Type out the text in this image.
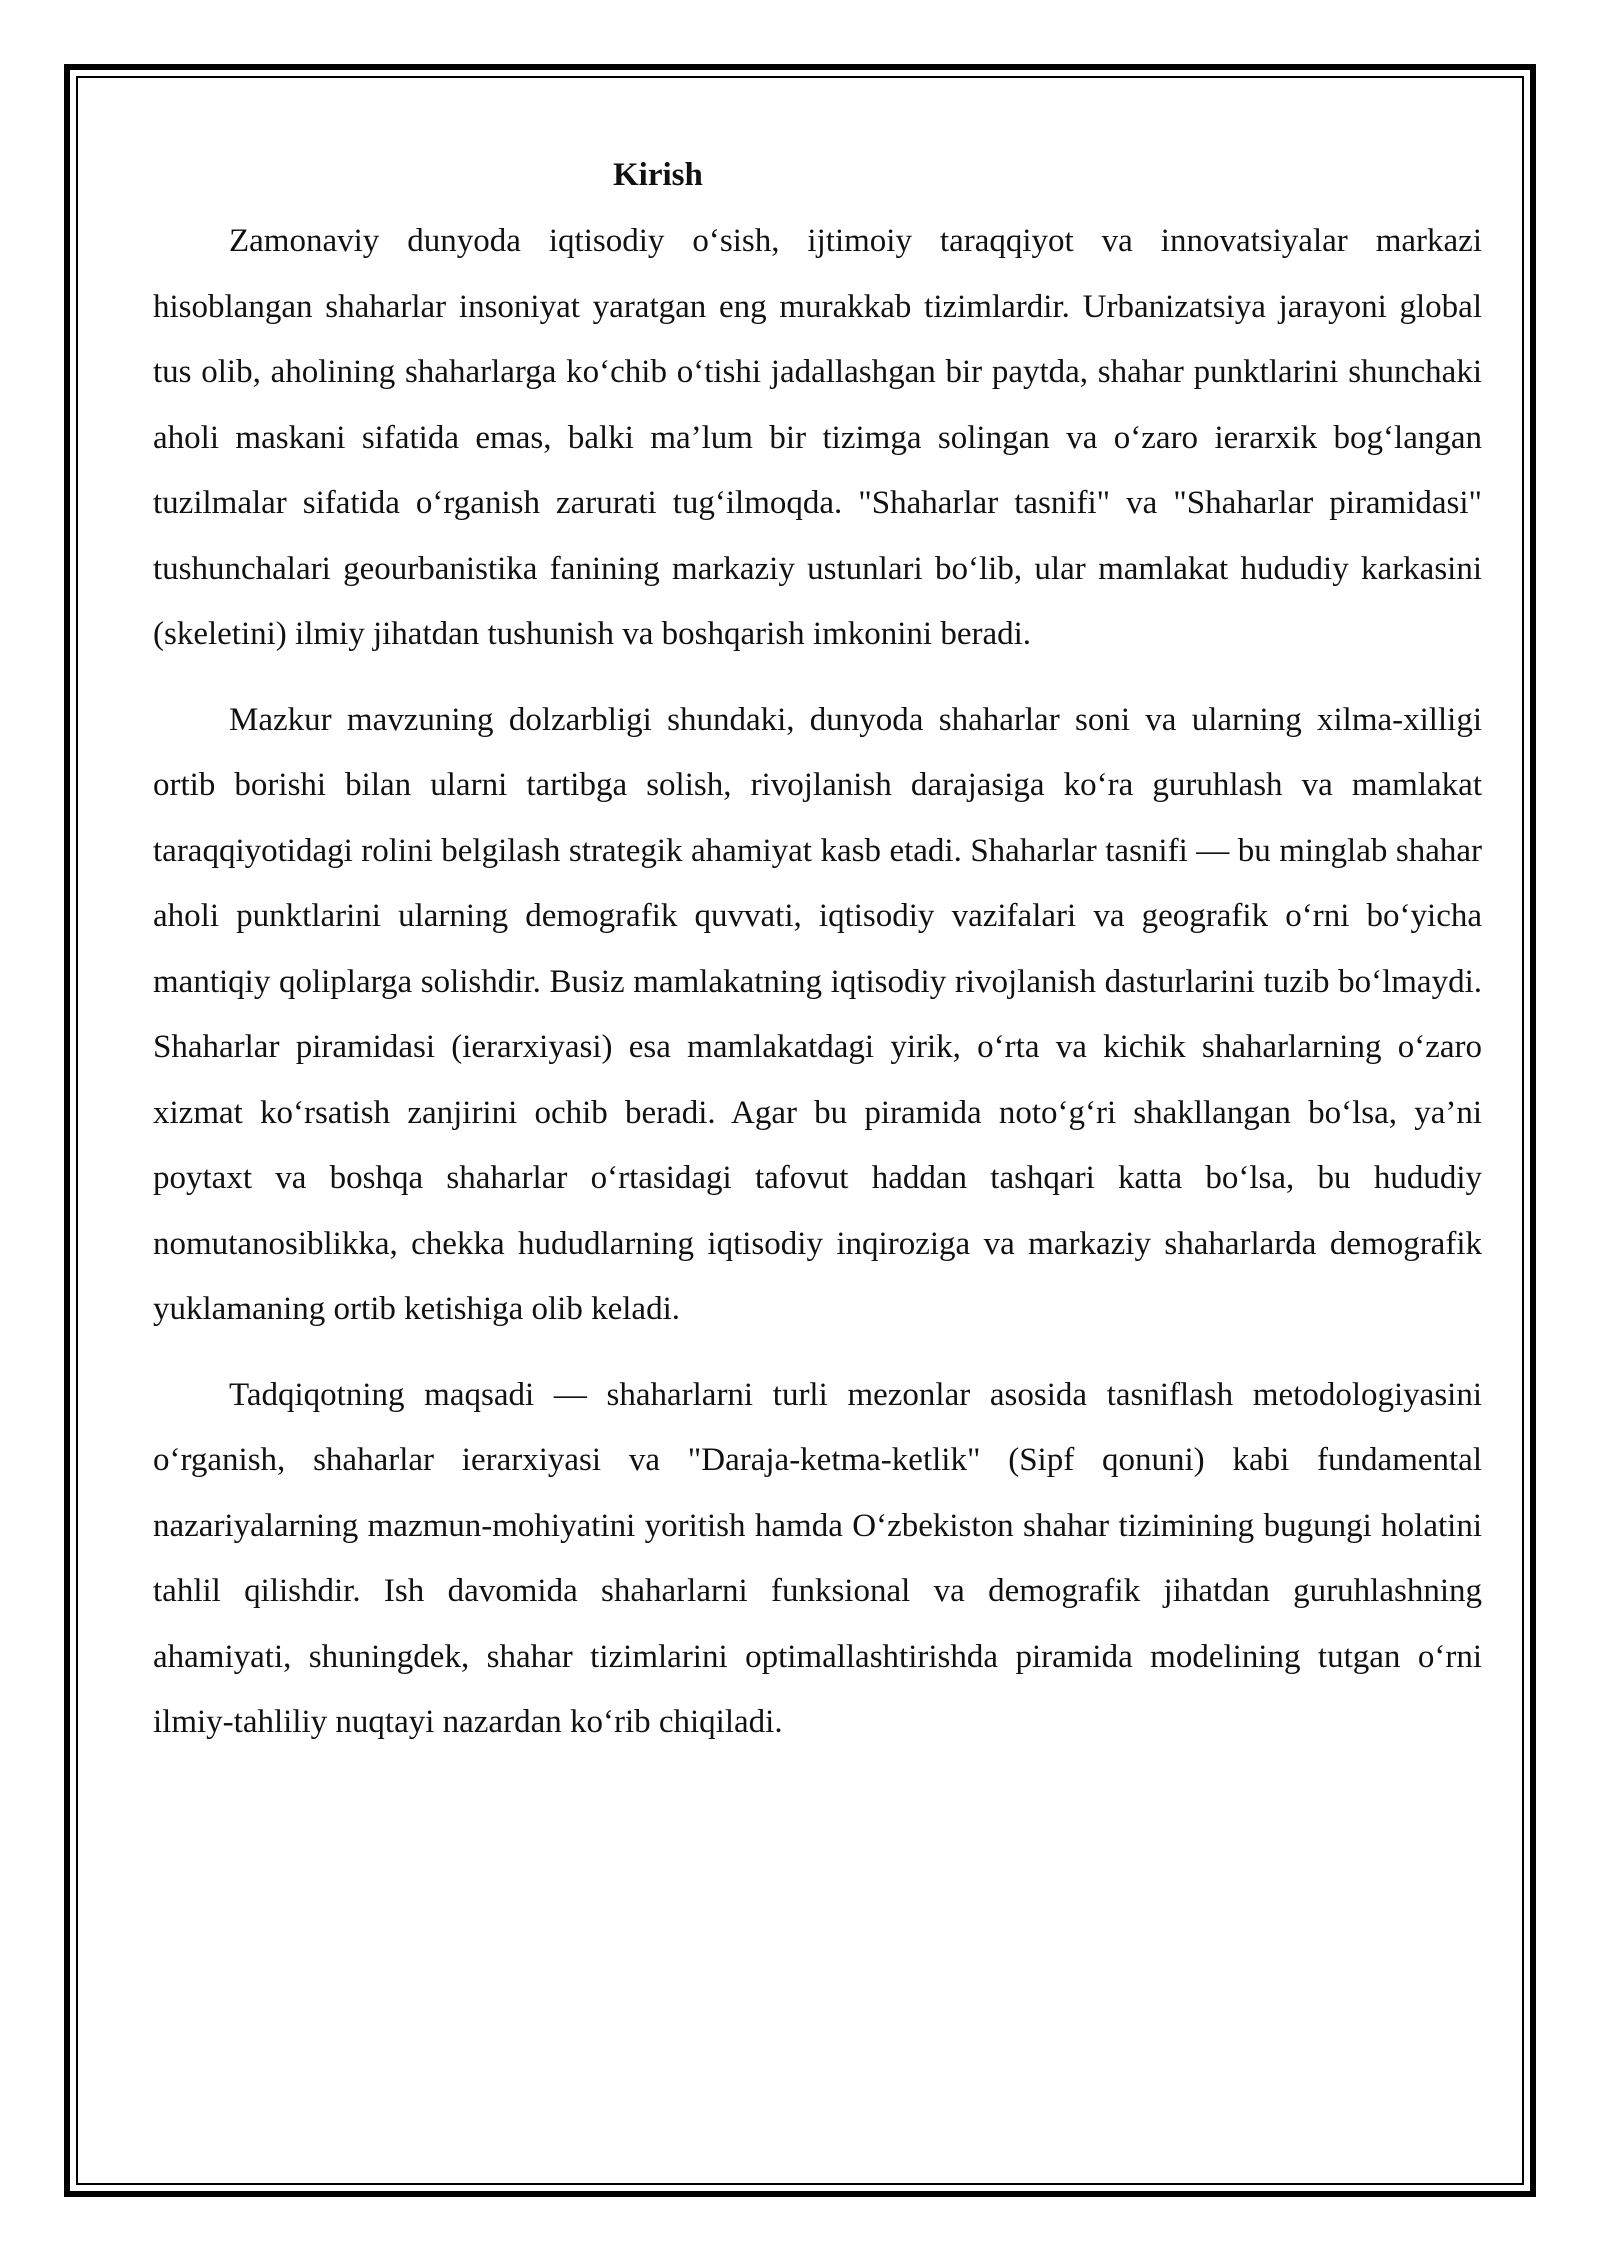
Kirish

Zamonaviy dunyoda iqtisodiy o‘sish, ijtimoiy taraqqiyot va innovatsiyalar markazi hisoblangan shaharlar insoniyat yaratgan eng murakkab tizimlardir. Urbanizatsiya jarayoni global tus olib, aholining shaharlarga ko‘chib o‘tishi jadallashgan bir paytda, shahar punktlarini shunchaki aholi maskani sifatida emas, balki ma’lum bir tizimga solingan va o‘zaro ierarxik bog‘langan tuzilmalar sifatida o‘rganish zarurati tug‘ilmoqda. "Shaharlar tasnifi" va "Shaharlar piramidasi" tushunchalari geourbanistika fanining markaziy ustunlari bo‘lib, ular mamlakat hududiy karkasini (skeletini) ilmiy jihatdan tushunish va boshqarish imkonini beradi.

Mazkur mavzuning dolzarbligi shundaki, dunyoda shaharlar soni va ularning xilma-xilligi ortib borishi bilan ularni tartibga solish, rivojlanish darajasiga ko‘ra guruhlash va mamlakat taraqqiyotidagi rolini belgilash strategik ahamiyat kasb etadi. Shaharlar tasnifi — bu minglab shahar aholi punktlarini ularning demografik quvvati, iqtisodiy vazifalari va geografik o‘rni bo‘yicha mantiqiy qoliplarga solishdir. Busiz mamlakatning iqtisodiy rivojlanish dasturlarini tuzib bo‘lmaydi. Shaharlar piramidasi (ierarxiyasi) esa mamlakatdagi yirik, o‘rta va kichik shaharlarning o‘zaro xizmat ko‘rsatish zanjirini ochib beradi. Agar bu piramida noto‘g‘ri shakllangan bo‘lsa, ya’ni poytaxt va boshqa shaharlar o‘rtasidagi tafovut haddan tashqari katta bo‘lsa, bu hududiy nomutanosiblikka, chekka hududlarning iqtisodiy inqiroziga va markaziy shaharlarda demografik yuklamaning ortib ketishiga olib keladi.

Tadqiqotning maqsadi — shaharlarni turli mezonlar asosida tasniflash metodologiyasini o‘rganish, shaharlar ierarxiyasi va "Daraja-ketma-ketlik" (Sipf qonuni) kabi fundamental nazariyalarning mazmun-mohiyatini yoritish hamda O‘zbekiston shahar tizimining bugungi holatini tahlil qilishdir. Ish davomida shaharlarni funksional va demografik jihatdan guruhlashning ahamiyati, shuningdek, shahar tizimlarini optimallashtirishda piramida modelining tutgan o‘rni ilmiy-tahliliy nuqtayi nazardan ko‘rib chiqiladi.
